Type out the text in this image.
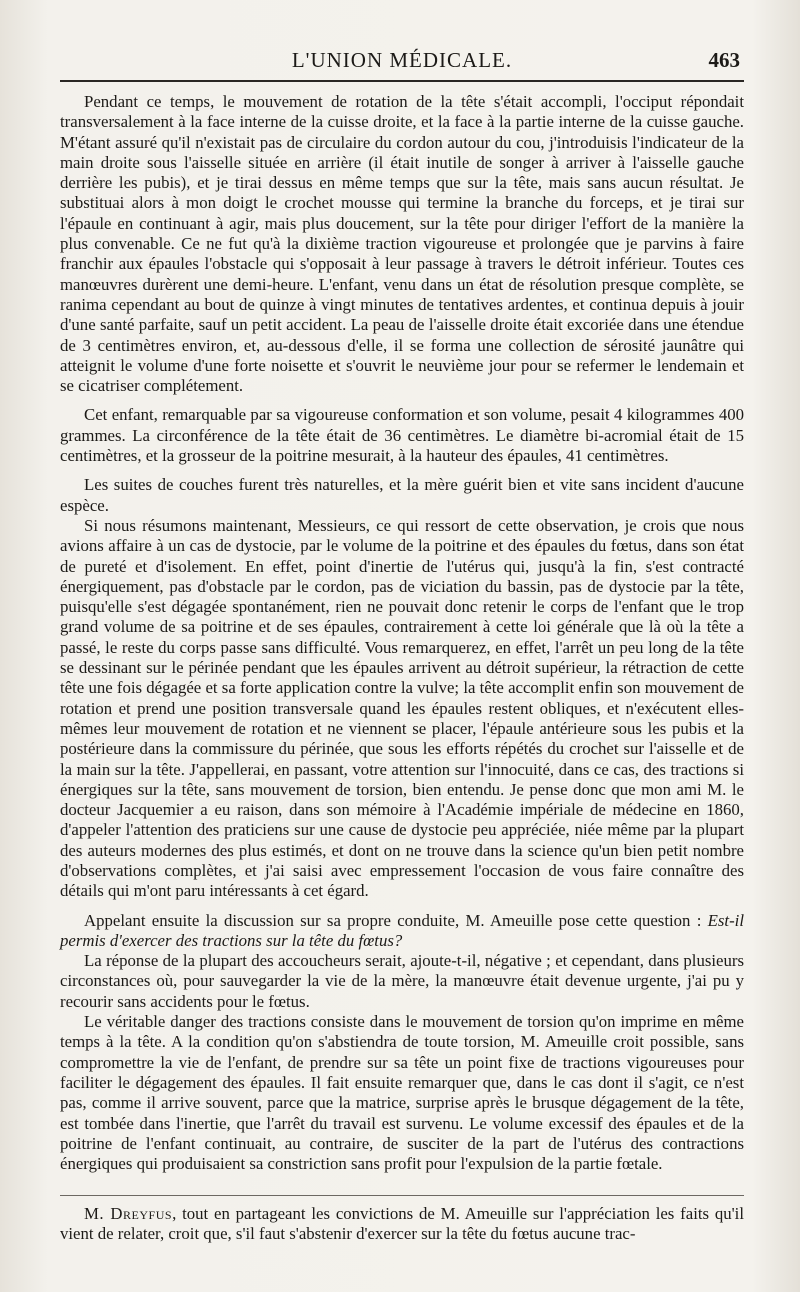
L'UNION MÉDICALE.	463

Pendant ce temps, le mouvement de rotation de la tête s'était accompli, l'occiput répondait transversalement à la face interne de la cuisse droite, et la face à la partie interne de la cuisse gauche. M'étant assuré qu'il n'existait pas de circulaire du cordon autour du cou, j'introduisis l'indicateur de la main droite sous l'aisselle située en arrière (il était inutile de songer à arriver à l'aisselle gauche derrière les pubis), et je tirai dessus en même temps que sur la tête, mais sans aucun résultat. Je substituai alors à mon doigt le crochet mousse qui termine la branche du forceps, et je tirai sur l'épaule en continuant à agir, mais plus doucement, sur la tête pour diriger l'effort de la manière la plus convenable. Ce ne fut qu'à la dixième traction vigoureuse et prolongée que je parvins à faire franchir aux épaules l'obstacle qui s'opposait à leur passage à travers le détroit inférieur. Toutes ces manœuvres durèrent une demi-heure. L'enfant, venu dans un état de résolution presque complète, se ranima cependant au bout de quinze à vingt minutes de tentatives ardentes, et continua depuis à jouir d'une santé parfaite, sauf un petit accident. La peau de l'aisselle droite était excoriée dans une étendue de 3 centimètres environ, et, au-dessous d'elle, il se forma une collection de sérosité jaunâtre qui atteignit le volume d'une forte noisette et s'ouvrit le neuvième jour pour se refermer le lendemain et se cicatriser complétement.

Cet enfant, remarquable par sa vigoureuse conformation et son volume, pesait 4 kilogrammes 400 grammes. La circonférence de la tête était de 36 centimètres. Le diamètre bi-acromial était de 15 centimètres, et la grosseur de la poitrine mesurait, à la hauteur des épaules, 41 centimètres.

Les suites de couches furent très naturelles, et la mère guérit bien et vite sans incident d'aucune espèce.

Si nous résumons maintenant, Messieurs, ce qui ressort de cette observation, je crois que nous avions affaire à un cas de dystocie, par le volume de la poitrine et des épaules du fœtus, dans son état de pureté et d'isolement. En effet, point d'inertie de l'utérus qui, jusqu'à la fin, s'est contracté énergiquement, pas d'obstacle par le cordon, pas de viciation du bassin, pas de dystocie par la tête, puisqu'elle s'est dégagée spontanément, rien ne pouvait donc retenir le corps de l'enfant que le trop grand volume de sa poitrine et de ses épaules, contrairement à cette loi générale que là où la tête a passé, le reste du corps passe sans difficulté. Vous remarquerez, en effet, l'arrêt un peu long de la tête se dessinant sur le périnée pendant que les épaules arrivent au détroit supérieur, la rétraction de cette tête une fois dégagée et sa forte application contre la vulve; la tête accomplit enfin son mouvement de rotation et prend une position transversale quand les épaules restent obliques, et n'exécutent elles-mêmes leur mouvement de rotation et ne viennent se placer, l'épaule antérieure sous les pubis et la postérieure dans la commissure du périnée, que sous les efforts répétés du crochet sur l'aisselle et de la main sur la tête. J'appellerai, en passant, votre attention sur l'innocuité, dans ce cas, des tractions si énergiques sur la tête, sans mouvement de torsion, bien entendu. Je pense donc que mon ami M. le docteur Jacquemier a eu raison, dans son mémoire à l'Académie impériale de médecine en 1860, d'appeler l'attention des praticiens sur une cause de dystocie peu appréciée, niée même par la plupart des auteurs modernes des plus estimés, et dont on ne trouve dans la science qu'un bien petit nombre d'observations complètes, et j'ai saisi avec empressement l'occasion de vous faire connaître des détails qui m'ont paru intéressants à cet égard.

Appelant ensuite la discussion sur sa propre conduite, M. Ameuille pose cette question : Est-il permis d'exercer des tractions sur la tête du fœtus?

La réponse de la plupart des accoucheurs serait, ajoute-t-il, négative ; et cependant, dans plusieurs circonstances où, pour sauvegarder la vie de la mère, la manœuvre était devenue urgente, j'ai pu y recourir sans accidents pour le fœtus.

Le véritable danger des tractions consiste dans le mouvement de torsion qu'on imprime en même temps à la tête. A la condition qu'on s'abstiendra de toute torsion, M. Ameuille croit possible, sans compromettre la vie de l'enfant, de prendre sur sa tête un point fixe de tractions vigoureuses pour faciliter le dégagement des épaules. Il fait ensuite remarquer que, dans le cas dont il s'agit, ce n'est pas, comme il arrive souvent, parce que la matrice, surprise après le brusque dégagement de la tête, est tombée dans l'inertie, que l'arrêt du travail est survenu. Le volume excessif des épaules et de la poitrine de l'enfant continuait, au contraire, de susciter de la part de l'utérus des contractions énergiques qui produisaient sa constriction sans profit pour l'expulsion de la partie fœtale.

M. Dreyfus, tout en partageant les convictions de M. Ameuille sur l'appréciation les faits qu'il vient de relater, croit que, s'il faut s'abstenir d'exercer sur la tête du fœtus aucune trac-
